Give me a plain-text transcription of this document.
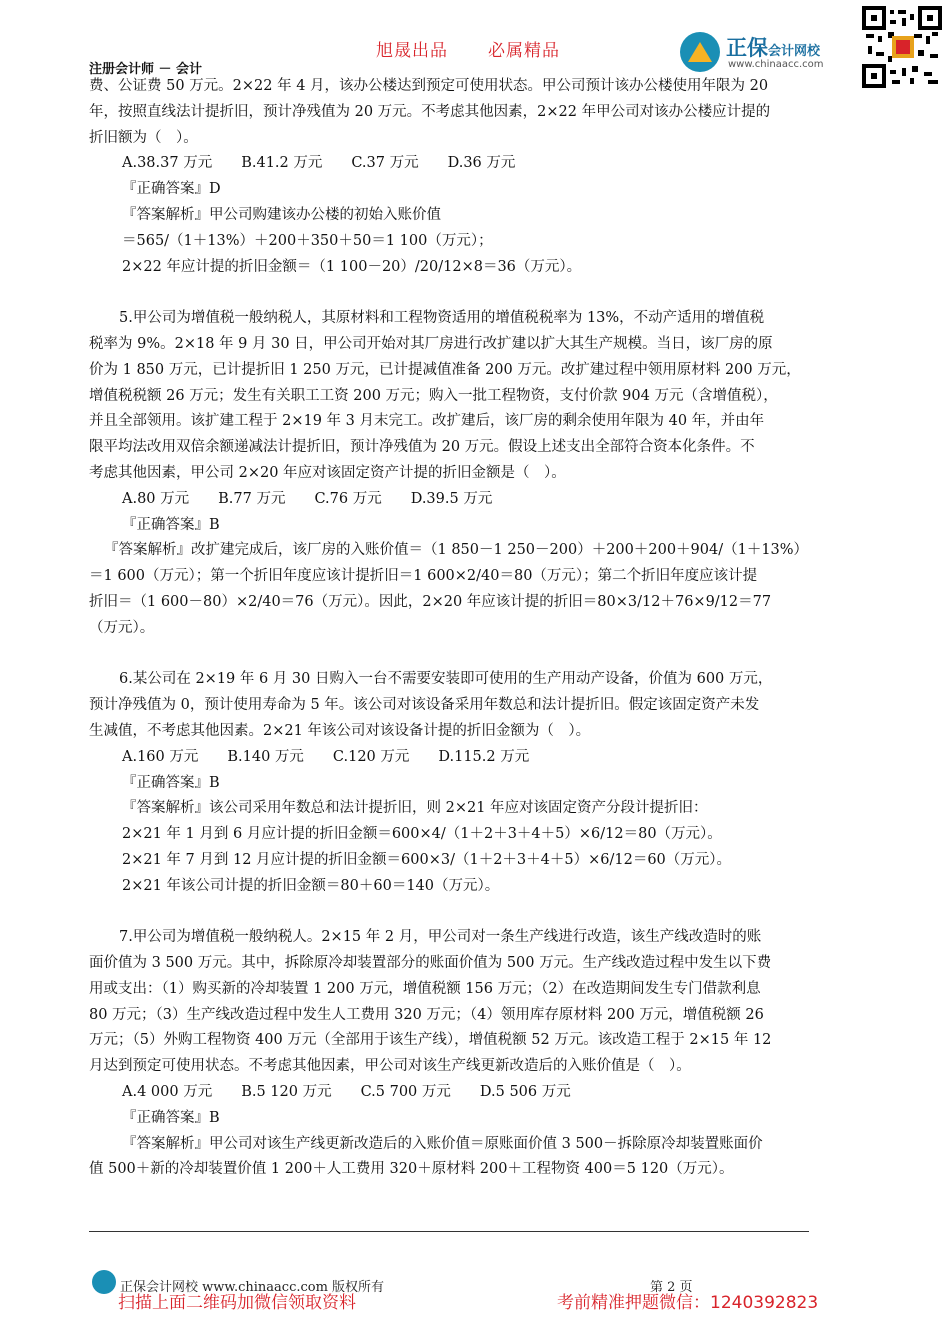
旭晟出品 必属精品
注册会计师 － 会计
正保会计网校
www.chinaacc.com

费、公证费 50 万元。2×22 年 4 月，该办公楼达到预定可使用状态。甲公司预计该办公楼使用年限为 20

年，按照直线法计提折旧，预计净残值为 20 万元。不考虑其他因素，2×22 年甲公司对该办公楼应计提的

折旧额为（　）。

A.38.37 万元　　B.41.2 万元　　C.37 万元　　D.36 万元

『正确答案』D

『答案解析』甲公司购建该办公楼的初始入账价值

＝565/（1＋13%）＋200＋350＋50＝1 100（万元）；

2×22 年应计提的折旧金额＝（1 100－20）/20/12×8＝36（万元）。

5.甲公司为增值税一般纳税人，其原材料和工程物资适用的增值税税率为 13%，不动产适用的增值税

税率为 9%。2×18 年 9 月 30 日，甲公司开始对其厂房进行改扩建以扩大其生产规模。当日，该厂房的原

价为 1 850 万元，已计提折旧 1 250 万元，已计提减值准备 200 万元。改扩建过程中领用原材料 200 万元，

增值税税额 26 万元；发生有关职工工资 200 万元；购入一批工程物资，支付价款 904 万元（含增值税），

并且全部领用。该扩建工程于 2×19 年 3 月末完工。改扩建后，该厂房的剩余使用年限为 40 年，并由年

限平均法改用双倍余额递减法计提折旧，预计净残值为 20 万元。假设上述支出全部符合资本化条件。不

考虑其他因素，甲公司 2×20 年应对该固定资产计提的折旧金额是（　）。

A.80 万元　　B.77 万元　　C.76 万元　　D.39.5 万元

『正确答案』B

『答案解析』改扩建完成后，该厂房的入账价值＝（1 850－1 250－200）＋200＋200＋904/（1＋13%）

＝1 600（万元）；第一个折旧年度应该计提折旧＝1 600×2/40＝80（万元）；第二个折旧年度应该计提

折旧＝（1 600－80）×2/40＝76（万元）。因此，2×20 年应该计提的折旧＝80×3/12＋76×9/12＝77

（万元）。

6.某公司在 2×19 年 6 月 30 日购入一台不需要安装即可使用的生产用动产设备，价值为 600 万元，

预计净残值为 0，预计使用寿命为 5 年。该公司对该设备采用年数总和法计提折旧。假定该固定资产未发

生减值，不考虑其他因素。2×21 年该公司对该设备计提的折旧金额为（　）。

A.160 万元　　B.140 万元　　C.120 万元　　D.115.2 万元

『正确答案』B

『答案解析』该公司采用年数总和法计提折旧，则 2×21 年应对该固定资产分段计提折旧：

2×21 年 1 月到 6 月应计提的折旧金额＝600×4/（1＋2＋3＋4＋5）×6/12＝80（万元）。

2×21 年 7 月到 12 月应计提的折旧金额＝600×3/（1＋2＋3＋4＋5）×6/12＝60（万元）。

2×21 年该公司计提的折旧金额＝80＋60＝140（万元）。

7.甲公司为增值税一般纳税人。2×15 年 2 月，甲公司对一条生产线进行改造，该生产线改造时的账

面价值为 3 500 万元。其中，拆除原冷却装置部分的账面价值为 500 万元。生产线改造过程中发生以下费

用或支出：（1）购买新的冷却装置 1 200 万元，增值税额 156 万元；（2）在改造期间发生专门借款利息

80 万元；（3）生产线改造过程中发生人工费用 320 万元；（4）领用库存原材料 200 万元，增值税额 26

万元；（5）外购工程物资 400 万元（全部用于该生产线），增值税额 52 万元。该改造工程于 2×15 年 12

月达到预定可使用状态。不考虑其他因素，甲公司对该生产线更新改造后的入账价值是（　）。

A.4 000 万元　　B.5 120 万元　　C.5 700 万元　　D.5 506 万元

『正确答案』B

『答案解析』甲公司对该生产线更新改造后的入账价值＝原账面价值 3 500－拆除原冷却装置账面价

值 500＋新的冷却装置价值 1 200＋人工费用 320＋原材料 200＋工程物资 400＝5 120（万元）。

正保会计网校 www.chinaacc.com 版权所有	第 2 页
扫描上面二维码加微信领取资料	考前精准押题微信：1240392823
